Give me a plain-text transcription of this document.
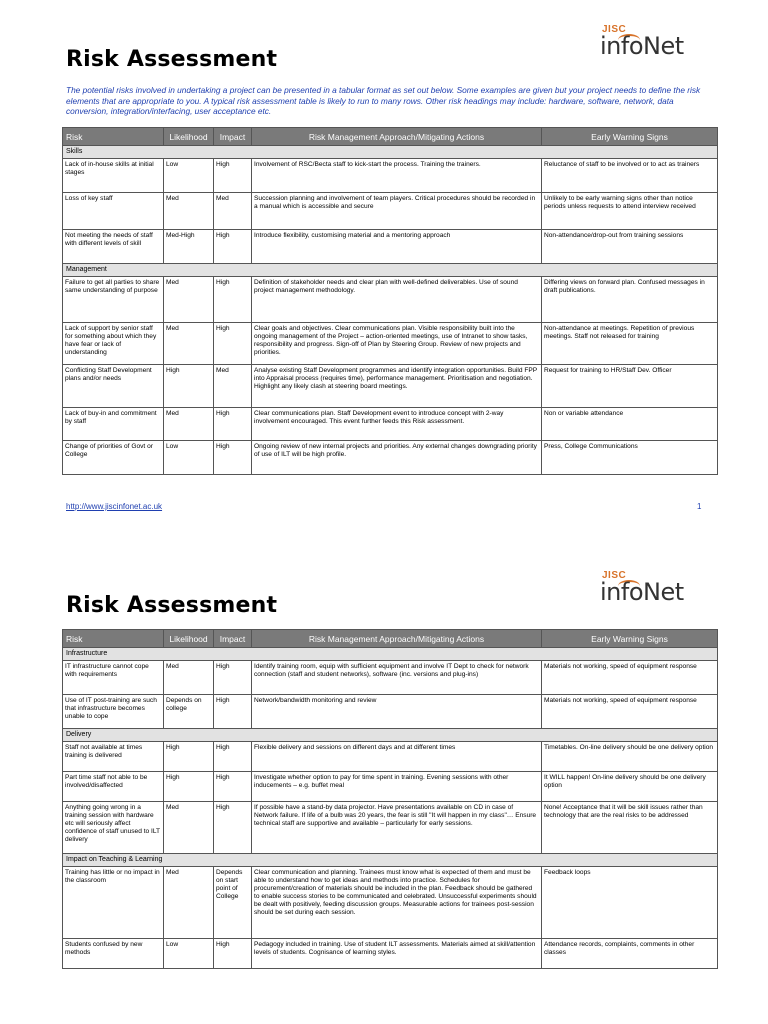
Risk Assessment
JISC
infoNet
The potential risks involved in undertaking a project can be presented in a tabular format as set out below. Some examples are given but your project needs to define the risk elements that are appropriate to you. A typical risk assessment table is likely to run to many rows. Other risk headings may include: hardware, software, network, data conversion, integration/interfacing, user acceptance etc.
Risk	Likelihood	Impact	Risk Management Approach/Mitigating Actions	Early Warning Signs
Skills				
Lack of in-house skills at initial stages	Low	High	Involvement of RSC/Becta staff to kick-start the process. Training the trainers.	Reluctance of staff to be involved or to act as trainers
Loss of key staff	Med	Med	Succession planning and involvement of team players. Critical procedures should be recorded in a manual which is accessible and secure	Unlikely to be early warning signs other than notice periods unless requests to attend interview received
Not meeting the needs of staff with different levels of skill	Med-High	High	Introduce flexibility, customising material and a mentoring approach	Non-attendance/drop-out from training sessions
Management				
Failure to get all parties to share same understanding of purpose	Med	High	Definition of stakeholder needs and clear plan with well-defined deliverables. Use of sound project management methodology.	Differing views on forward plan. Confused messages in draft publications.
Lack of support by senior staff for something about which they have fear or lack of understanding	Med	High	Clear goals and objectives. Clear communications plan. Visible responsibility built into the ongoing management of the Project – action-oriented meetings, use of Intranet to show tasks, responsibility and progress. Sign-off of Plan by Steering Group. Review of new projects and priorities.	Non-attendance at meetings. Repetition of previous meetings. Staff not released for training
Conflicting Staff Development plans and/or needs	High	Med	Analyse existing Staff Development programmes and identify integration opportunities. Build FPP into Appraisal process (requires time), performance management. Prioritisation and negotiation. Highlight any likely clash at steering board meetings.	Request for training to HR/Staff Dev. Officer
Lack of buy-in and commitment by staff	Med	High	Clear communications plan. Staff Development event to introduce concept with 2-way involvement encouraged. This event further feeds this Risk assessment.	Non or variable attendance
Change of priorities of Govt or College	Low	High	Ongoing review of new internal projects and priorities. Any external changes downgrading priority of use of ILT will be high profile.	Press, College Communications
http://www.jiscinfonet.ac.uk	1
Risk Assessment
JISC
infoNet
Risk	Likelihood	Impact	Risk Management Approach/Mitigating Actions	Early Warning Signs
Infrastructure				
IT infrastructure cannot cope with requirements	Med	High	Identify training room, equip with sufficient equipment and involve IT Dept to check for network connection (staff and student networks), software (inc. versions and plug-ins)	Materials not working, speed of equipment response
Use of IT post-training are such that infrastructure becomes unable to cope	Depends on college	High	Network/bandwidth monitoring and review	Materials not working, speed of equipment response
Delivery				
Staff not available at times training is delivered	High	High	Flexible delivery and sessions on different days and at different times	Timetables. On-line delivery should be one delivery option
Part time staff not able to be involved/disaffected	High	High	Investigate whether option to pay for time spent in training. Evening sessions with other inducements – e.g. buffet meal	It WILL happen! On-line delivery should be one delivery option
Anything going wrong in a training session with hardware etc will seriously affect confidence of staff unused to ILT delivery	Med	High	If possible have a stand-by data projector. Have presentations available on CD in case of Network failure. If life of a bulb was 20 years, the fear is still "It will happen in my class"… Ensure technical staff are supportive and available – particularly for early sessions.	None! Acceptance that it will be skill issues rather than technology that are the real risks to be addressed
Impact on Teaching & Learning				
Training has little or no impact in the classroom	Med	Depends on start point of College	Clear communication and planning. Trainees must know what is expected of them and must be able to understand how to get ideas and methods into practice. Schedules for procurement/creation of materials should be included in the plan. Feedback should be gathered to enable success stories to be communicated and celebrated. Unsuccessful experiments should be dealt with positively, feeding discussion groups. Measurable actions for trainees post-session should be set during each session.	Feedback loops
Students confused by new methods	Low	High	Pedagogy included in training. Use of student ILT assessments. Materials aimed at skill/attention levels of students. Cognisance of learning styles.	Attendance records, complaints, comments in other classes
